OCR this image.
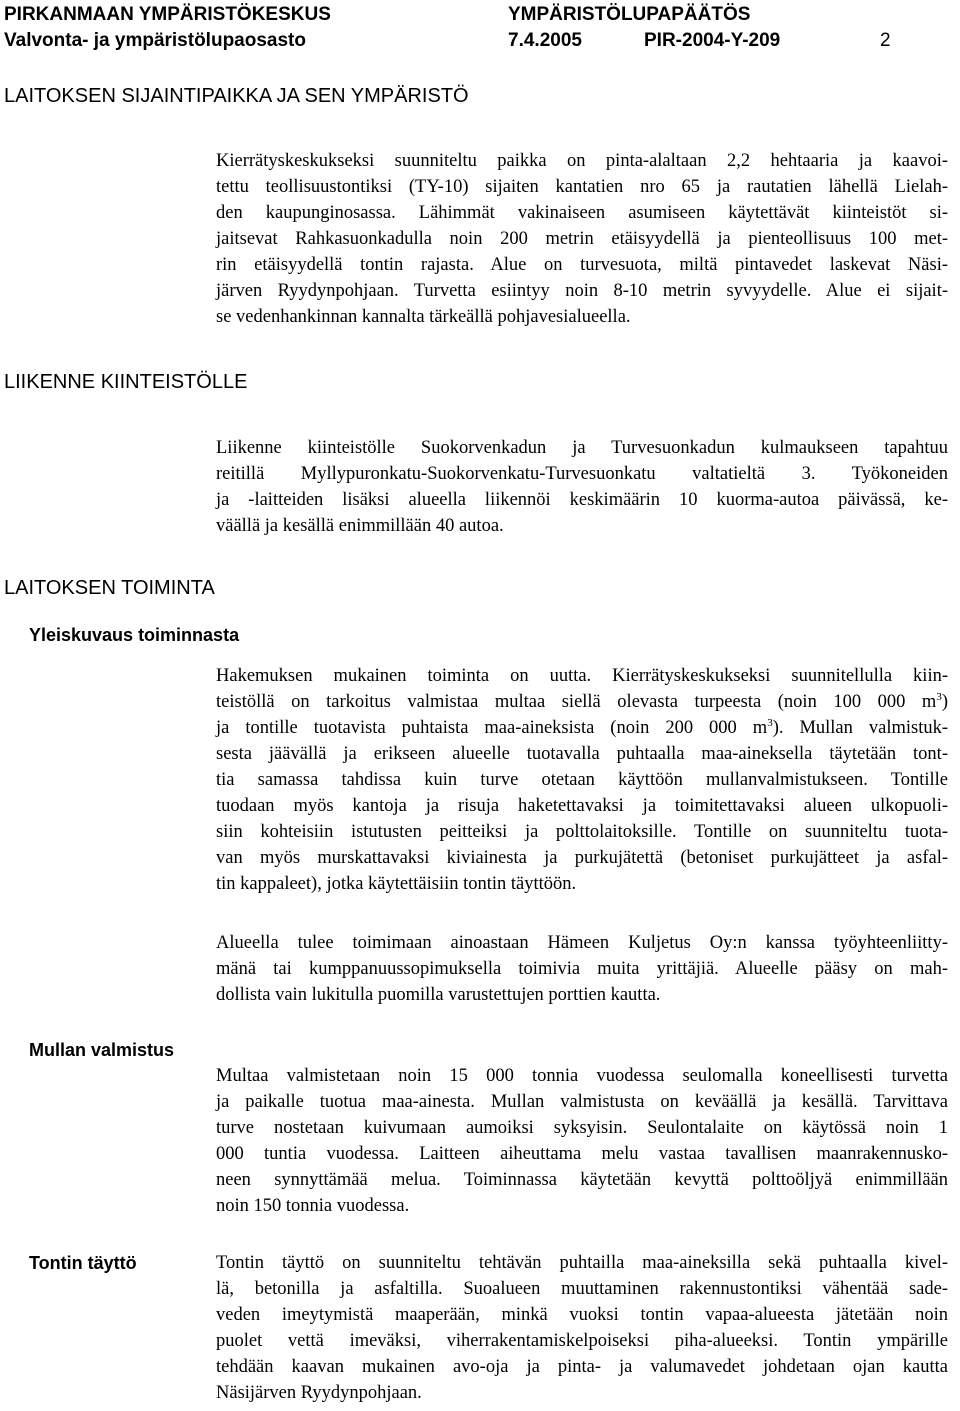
PIRKANMAAN YMPÄRISTÖKESKUS	YMPÄRISTÖLUPAPÄÄTÖS
Valvonta- ja ympäristölupaosasto	7.4.2005	PIR-2004-Y-209	2
LAITOKSEN SIJAINTIPAIKKA JA SEN YMPÄRISTÖ
Kierrätyskeskukseksi suunniteltu paikka on pinta-alaltaan 2,2 hehtaaria ja kaavoi-
tettu teollisuustontiksi (TY-10) sijaiten kantatien nro 65 ja rautatien lähellä Lielah-
den kaupunginosassa. Lähimmät vakinaiseen asumiseen käytettävät kiinteistöt si-
jaitsevat Rahkasuonkadulla noin 200 metrin etäisyydellä ja pienteollisuus 100 met-
rin etäisyydellä tontin rajasta. Alue on turvesuota, miltä pintavedet laskevat Näsi-
järven Ryydynpohjaan. Turvetta esiintyy noin 8-10 metrin syvyydelle. Alue ei sijait-
se vedenhankinnan kannalta tärkeällä pohjavesialueella.
LIIKENNE KIINTEISTÖLLE
Liikenne kiinteistölle Suokorvenkadun ja Turvesuonkadun kulmaukseen tapahtuu
reitillä Myllypuronkatu-Suokorvenkatu-Turvesuonkatu valtatieltä 3. Työkoneiden
ja -laitteiden lisäksi alueella liikennöi keskimäärin 10 kuorma-autoa päivässä, ke-
väällä ja kesällä enimmillään 40 autoa.
LAITOKSEN TOIMINTA
Yleiskuvaus toiminnasta
Hakemuksen mukainen toiminta on uutta. Kierrätyskeskukseksi suunnitellulla kiin-
teistöllä on tarkoitus valmistaa multaa siellä olevasta turpeesta (noin 100 000 $m^3$)
ja tontille tuotavista puhtaista maa-aineksista (noin 200 000 $m^3$). Mullan valmistuk-
sesta jäävällä ja erikseen alueelle tuotavalla puhtaalla maa-aineksella täytetään tont-
tia samassa tahdissa kuin turve otetaan käyttöön mullanvalmistukseen. Tontille
tuodaan myös kantoja ja risuja haketettavaksi ja toimitettavaksi alueen ulkopuoli-
siin kohteisiin istutusten peitteiksi ja polttolaitoksille. Tontille on suunniteltu tuota-
van myös murskattavaksi kiviainesta ja purkujätettä (betoniset purkujätteet ja asfal-
tin kappaleet), jotka käytettäisiin tontin täyttöön.
Alueella tulee toimimaan ainoastaan Hämeen Kuljetus Oy:n kanssa työyhteenliitty-
mänä tai kumppanuussopimuksella toimivia muita yrittäjiä. Alueelle pääsy on mah-
dollista vain lukitulla puomilla varustettujen porttien kautta.
Mullan valmistus
Multaa valmistetaan noin 15 000 tonnia vuodessa seulomalla koneellisesti turvetta
ja paikalle tuotua maa-ainesta. Mullan valmistusta on keväällä ja kesällä. Tarvittava
turve nostetaan kuivumaan aumoiksi syksyisin. Seulontalaite on käytössä noin 1
000 tuntia vuodessa. Laitteen aiheuttama melu vastaa tavallisen maanrakennusko-
neen synnyttämää melua. Toiminnassa käytetään kevyttä polttoöljyä enimmillään
noin 150 tonnia vuodessa.
Tontin täyttö	Tontin täyttö on suunniteltu tehtävän puhtailla maa-aineksilla sekä puhtaalla kivel-
lä, betonilla ja asfaltilla. Suoalueen muuttaminen rakennustontiksi vähentää sade-
veden imeytymistä maaperään, minkä vuoksi tontin vapaa-alueesta jätetään noin
puolet vettä imeväksi, viherrakentamiskelpoiseksi piha-alueeksi. Tontin ympärille
tehdään kaavan mukainen avo-oja ja pinta- ja valumavedet johdetaan ojan kautta
Näsijärven Ryydynpohjaan.
